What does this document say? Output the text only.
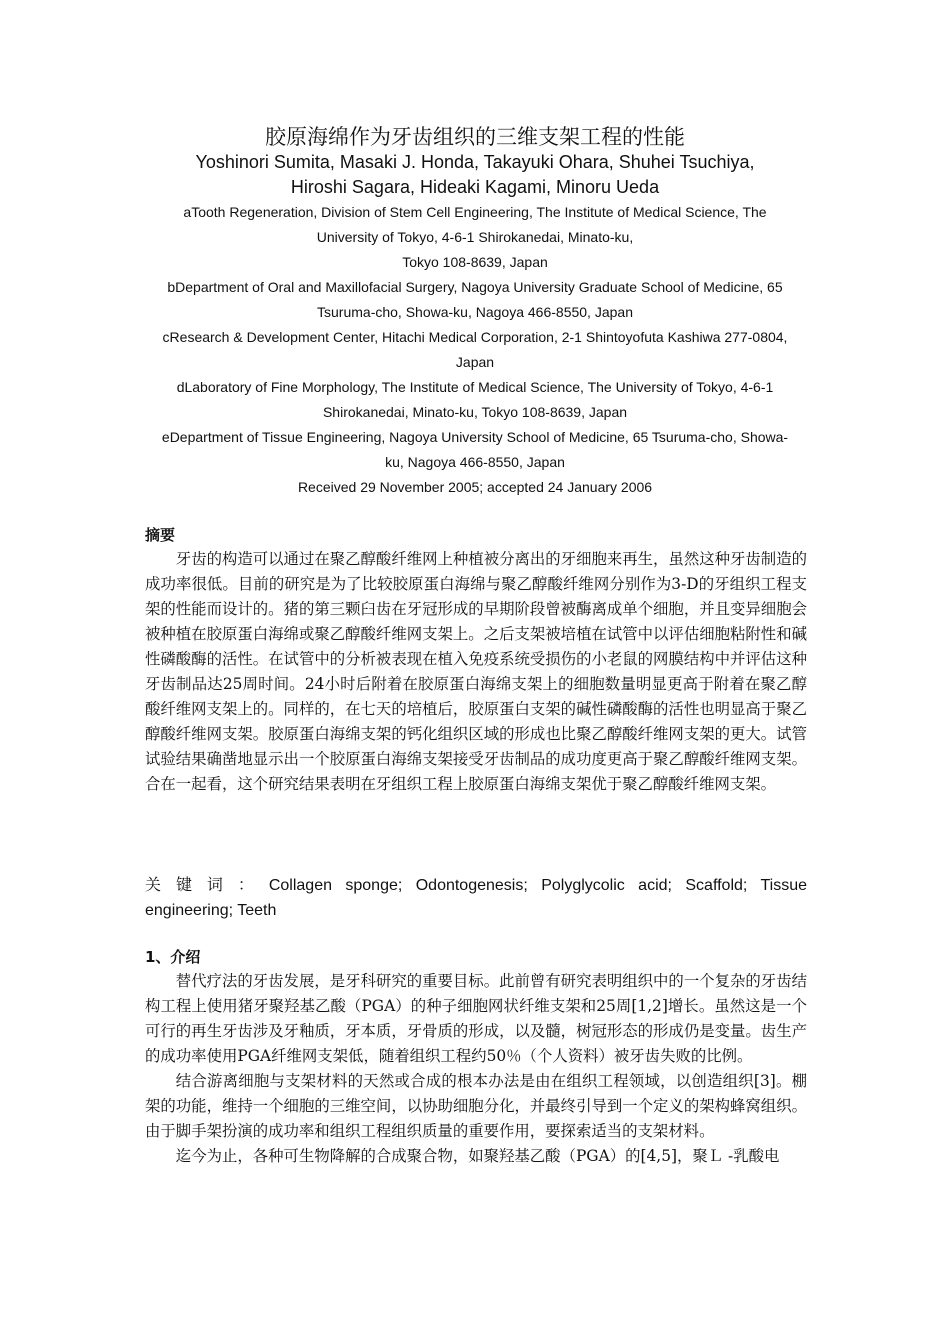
胶原海绵作为牙齿组织的三维支架工程的性能
Yoshinori Sumita, Masaki J. Honda, Takayuki Ohara, Shuhei Tsuchiya,
Hiroshi Sagara, Hideaki Kagami, Minoru Ueda
aTooth Regeneration, Division of Stem Cell Engineering, The Institute of Medical Science, The
University of Tokyo, 4-6-1 Shirokanedai, Minato-ku,
Tokyo 108-8639, Japan
bDepartment of Oral and Maxillofacial Surgery, Nagoya University Graduate School of Medicine, 65
Tsuruma-cho, Showa-ku, Nagoya 466-8550, Japan
cResearch & Development Center, Hitachi Medical Corporation, 2-1 Shintoyofuta Kashiwa 277-0804,
Japan
dLaboratory of Fine Morphology, The Institute of Medical Science, The University of Tokyo, 4-6-1
Shirokanedai, Minato-ku, Tokyo 108-8639, Japan
eDepartment of Tissue Engineering, Nagoya University School of Medicine, 65 Tsuruma-cho, Showa-
ku, Nagoya 466-8550, Japan
Received 29 November 2005; accepted 24 January 2006
摘要

牙齿的构造可以通过在聚乙醇酸纤维网上种植被分离出的牙细胞来再生，虽然这种牙齿制造的成功率很低。目前的研究是为了比较胶原蛋白海绵与聚乙醇酸纤维网分别作为3-D的牙组织工程支架的性能而设计的。猪的第三颗臼齿在牙冠形成的早期阶段曾被酶离成单个细胞，并且变异细胞会被种植在胶原蛋白海绵或聚乙醇酸纤维网支架上。之后支架被培植在试管中以评估细胞粘附性和碱性磷酸酶的活性。在试管中的分析被表现在植入免疫系统受损伤的小老鼠的网膜结构中并评估这种牙齿制品达25周时间。24小时后附着在胶原蛋白海绵支架上的细胞数量明显更高于附着在聚乙醇酸纤维网支架上的。同样的，在七天的培植后，胶原蛋白支架的碱性磷酸酶的活性也明显高于聚乙醇酸纤维网支架。胶原蛋白海绵支架的钙化组织区域的形成也比聚乙醇酸纤维网支架的更大。试管试验结果确凿地显示出一个胶原蛋白海绵支架接受牙齿制品的成功度更高于聚乙醇酸纤维网支架。合在一起看，这个研究结果表明在牙组织工程上胶原蛋白海绵支架优于聚乙醇酸纤维网支架。

关键词：Collagen sponge; Odontogenesis; Polyglycolic acid; Scaffold; Tissue engineering; Teeth
1、介绍

替代疗法的牙齿发展，是牙科研究的重要目标。此前曾有研究表明组织中的一个复杂的牙齿结构工程上使用猪牙聚羟基乙酸（PGA）的种子细胞网状纤维支架和25周[1,2]增长。虽然这是一个可行的再生牙齿涉及牙釉质，牙本质，牙骨质的形成，以及髓，树冠形态的形成仍是变量。齿生产的成功率使用PGA纤维网支架低，随着组织工程约50％（个人资料）被牙齿失败的比例。

结合游离细胞与支架材料的天然或合成的根本办法是由在组织工程领域，以创造组织[3]。棚架的功能，维持一个细胞的三维空间，以协助细胞分化，并最终引导到一个定义的架构蜂窝组织。由于脚手架扮演的成功率和组织工程组织质量的重要作用，要探索适当的支架材料。

迄今为止，各种可生物降解的合成聚合物，如聚羟基乙酸（PGA）的[4,5]，聚Ｌ -乳酸电
